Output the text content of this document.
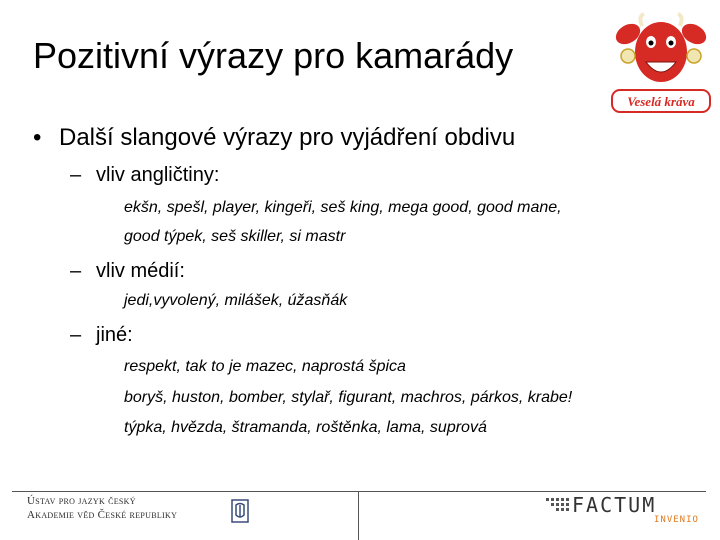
Pozitivní výrazy pro kamarády
Veselá kráva
• Další slangové výrazy pro vyjádření obdivu
– vliv angličtiny:
ekšn, spešl, player, kingeři, seš king, mega good, good mane,
good týpek, seš skiller, si mastr
– vliv médií:
jedi,vyvolený, milášek, úžasňák
– jiné:
respekt, tak to je mazec, naprostá špica
boryš, huston, bomber, stylař, figurant, machros, párkos, krabe!
týpka, hvězda, štramanda, roštěnka, lama, suprová
Ústav pro jazyk český
Akademie věd České republiky	FACTUM
INVENIO
